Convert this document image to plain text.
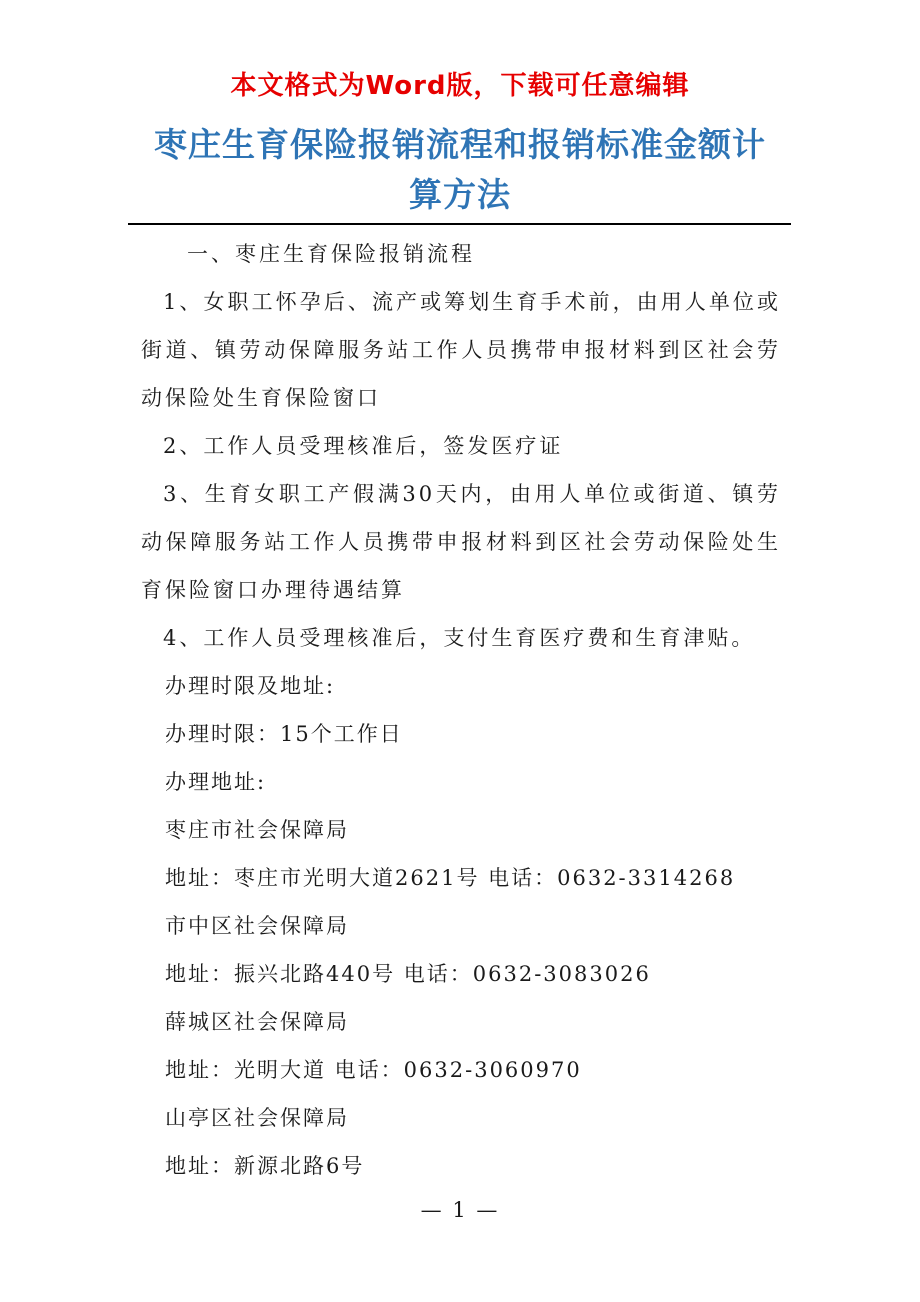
本文格式为Word版，下载可任意编辑
枣庄生育保险报销流程和报销标准金额计算方法

一、枣庄生育保险报销流程

1、女职工怀孕后、流产或筹划生育手术前，由用人单位或街道、镇劳动保障服务站工作人员携带申报材料到区社会劳动保险处生育保险窗口

2、工作人员受理核准后，签发医疗证

3、生育女职工产假满30天内，由用人单位或街道、镇劳动保障服务站工作人员携带申报材料到区社会劳动保险处生育保险窗口办理待遇结算

4、工作人员受理核准后，支付生育医疗费和生育津贴。

办理时限及地址:

办理时限：15个工作日

办理地址:

枣庄市社会保障局

地址：枣庄市光明大道2621号 电话：0632-3314268

市中区社会保障局

地址：振兴北路440号 电话：0632-3083026

薛城区社会保障局

地址：光明大道 电话：0632-3060970

山亭区社会保障局

地址：新源北路6号

— 1 —
